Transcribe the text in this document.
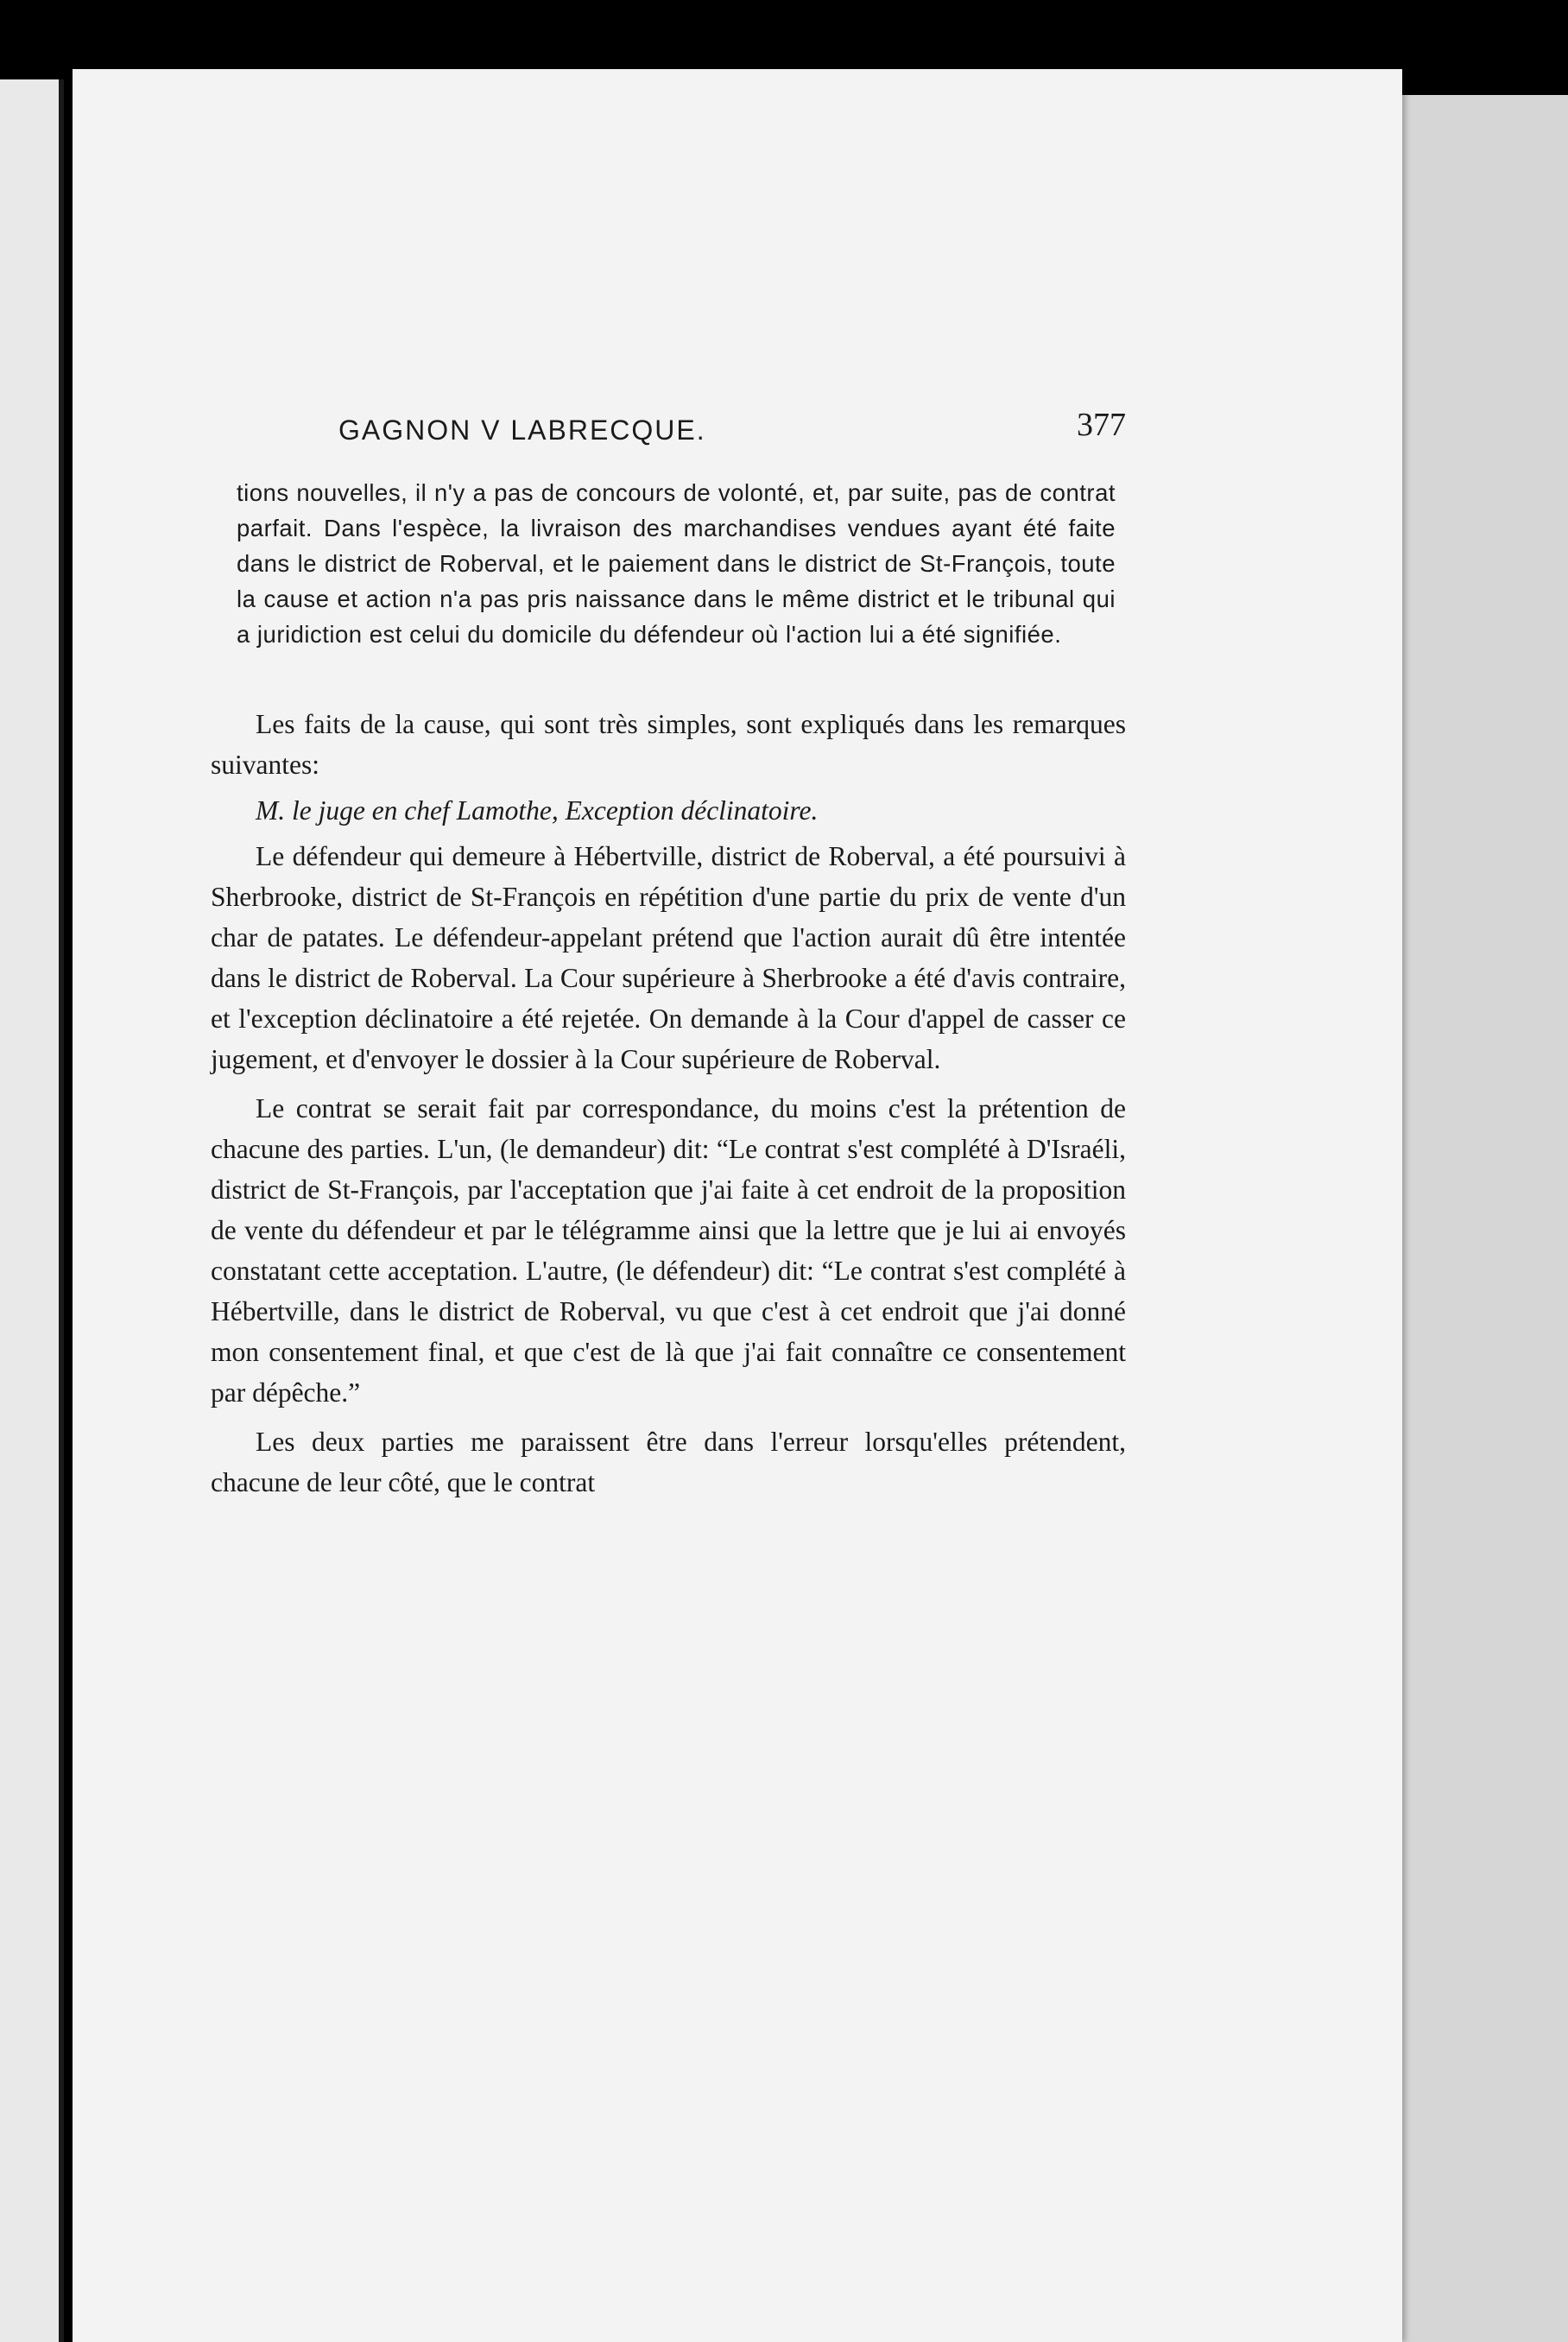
GAGNON V LABRECQUE.	377
tions nouvelles, il n'y a pas de concours de volonté, et, par suite, pas de contrat parfait. Dans l'espèce, la livraison des marchandises vendues ayant été faite dans le district de Roberval, et le paiement dans le district de St-François, toute la cause et action n'a pas pris naissance dans le même district et le tribunal qui a juridiction est celui du domicile du défendeur où l'action lui a été signifiée.

Les faits de la cause, qui sont très simples, sont expliqués dans les remarques suivantes:

M. le juge en chef Lamothe, Exception déclinatoire.

Le défendeur qui demeure à Hébertville, district de Roberval, a été poursuivi à Sherbrooke, district de St-François en répétition d'une partie du prix de vente d'un char de patates. Le défendeur-appelant prétend que l'action aurait dû être intentée dans le district de Roberval. La Cour supérieure à Sherbrooke a été d'avis contraire, et l'exception déclinatoire a été rejetée. On demande à la Cour d'appel de casser ce jugement, et d'envoyer le dossier à la Cour supérieure de Roberval.

Le contrat se serait fait par correspondance, du moins c'est la prétention de chacune des parties. L'un, (le demandeur) dit: “Le contrat s'est complété à D'Israéli, district de St-François, par l'acceptation que j'ai faite à cet endroit de la proposition de vente du défendeur et par le télégramme ainsi que la lettre que je lui ai envoyés constatant cette acceptation. L'autre, (le défendeur) dit: “Le contrat s'est complété à Hébertville, dans le district de Roberval, vu que c'est à cet endroit que j'ai donné mon consentement final, et que c'est de là que j'ai fait connaître ce consentement par dépêche.”

Les deux parties me paraissent être dans l'erreur lorsqu'elles prétendent, chacune de leur côté, que le contrat
